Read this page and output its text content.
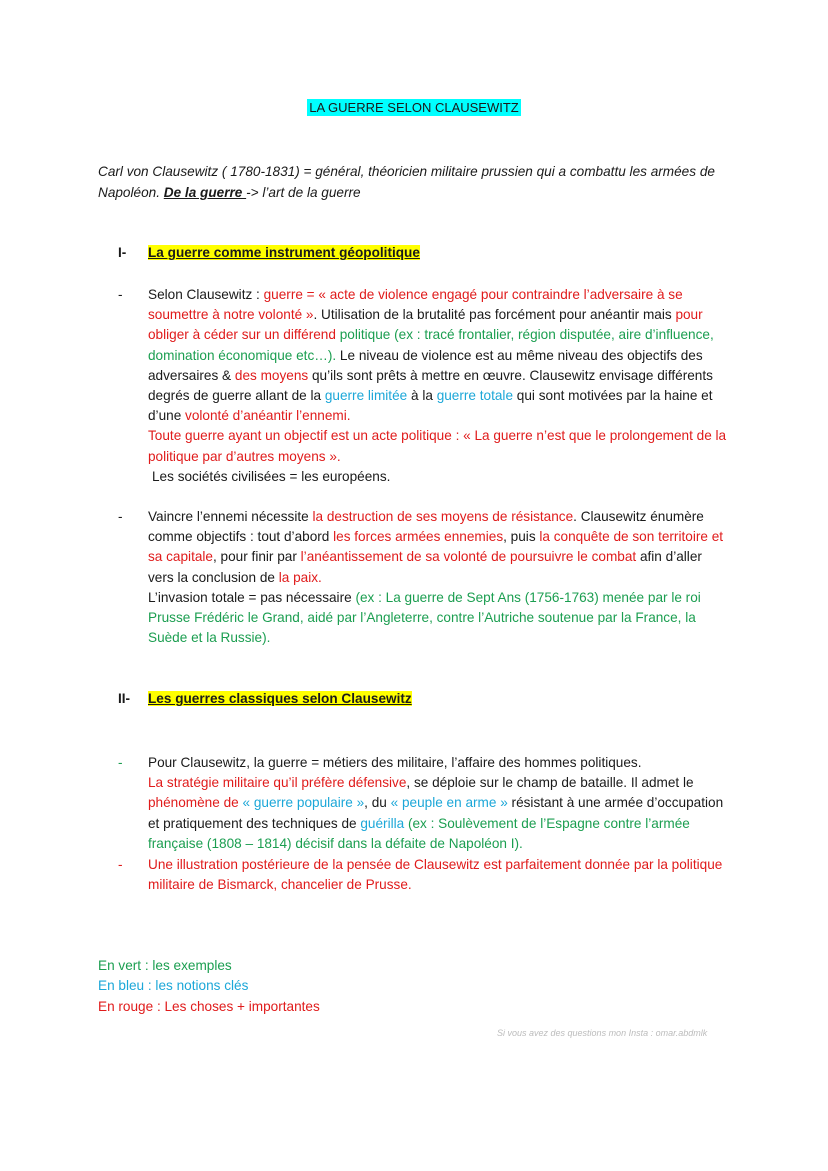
LA GUERRE SELON CLAUSEWITZ
Carl von Clausewitz ( 1780-1831) = général, théoricien militaire prussien qui a combattu les armées de Napoléon. De la guerre -> l’art de la guerre
I- La guerre comme instrument géopolitique
- Selon Clausewitz : guerre = « acte de violence engagé pour contraindre l’adversaire à se soumettre à notre volonté ». Utilisation de la brutalité pas forcément pour anéantir mais pour obliger à céder sur un différend politique (ex : tracé frontalier, région disputée, aire d’influence, domination économique etc…). Le niveau de violence est au même niveau des objectifs des adversaires & des moyens qu’ils sont prêts à mettre en œuvre. Clausewitz envisage différents degrés de guerre allant de la guerre limitée à la guerre totale qui sont motivées par la haine et d’une volonté d’anéantir l’ennemi.
Toute guerre ayant un objectif est un acte politique : « La guerre n’est que le prolongement de la politique par d’autres moyens ».
Les sociétés civilisées = les européens.
- Vaincre l’ennemi nécessite la destruction de ses moyens de résistance. Clausewitz énumère comme objectifs : tout d’abord les forces armées ennemies, puis la conquête de son territoire et sa capitale, pour finir par l’anéantissement de sa volonté de poursuivre le combat afin d’aller vers la conclusion de la paix.
L’invasion totale = pas nécessaire (ex : La guerre de Sept Ans (1756-1763) menée par le roi Prusse Frédéric le Grand, aidé par l’Angleterre, contre l’Autriche soutenue par la France, la Suède et la Russie).
II- Les guerres classiques selon Clausewitz
- Pour Clausewitz, la guerre = métiers des militaire, l’affaire des hommes politiques.
La stratégie militaire qu’il préfère défensive, se déploie sur le champ de bataille. Il admet le phénomène de « guerre populaire », du « peuple en arme » résistant à une armée d’occupation et pratiquement des techniques de guérilla (ex : Soulèvement de l’Espagne contre l’armée française (1808 – 1814) décisif dans la défaite de Napoléon I).
- Une illustration postérieure de la pensée de Clausewitz est parfaitement donnée par la politique militaire de Bismarck, chancelier de Prusse.
En vert : les exemples
En bleu : les notions clés
En rouge : Les choses + importantes
Si vous avez des questions mon Insta : omar.abdmlk
